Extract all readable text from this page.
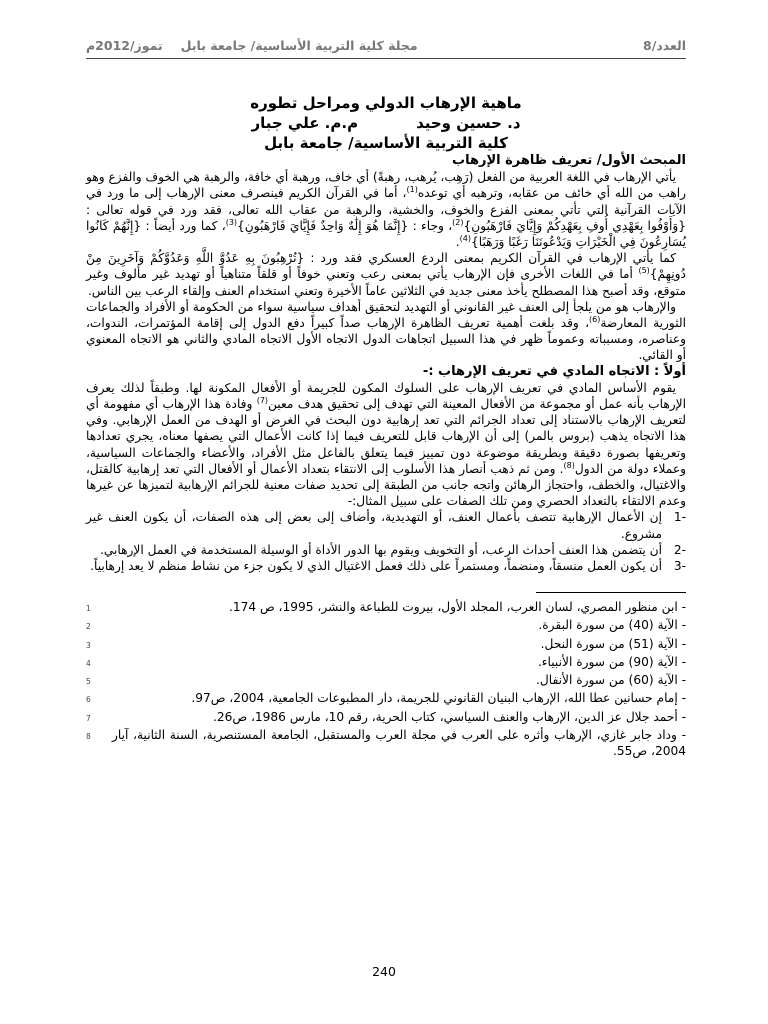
العدد/8
مجلة كلية التربية الأساسية/ جامعة بابل
تموز/2012م
ماهية الإرهاب الدولي ومراحل تطوره
د. حسين وحيد
م.م. علي جبار
كلية التربية الأساسية/ جامعة بابل
المبحث الأول/ تعريف ظاهرة الإرهاب

يأتي الإرهاب في اللغة العربية من الفعل (رَهِب، يُرهب، رهبةً) أي خاف، ورهبة أي خافة، والرهبة هي الخوف والفزع وهو راهب من الله أي خائف من عقابه، وترهبه أي توعده$^{(1)}$، أما في القرآن الكريم فينصرف معنى الإرهاب إلى ما ورد في الآيات القرآنية التي تأتي بمعنى الفزع والخوف، والخشية، والرهبة من عقاب الله تعالى، فقد ورد في قوله تعالى : {وَأَوْفُوا بِعَهْدِي أُوفِ بِعَهْدِكُمْ وَإِيَّايَ فَارْهَبُونِ}$^{(2)}$، وجاء : {إِنَّمَا هُوَ إِلَٰهٌ وَاحِدٌ فَإِيَّايَ فَارْهَبُونِ}$^{(3)}$، كما ورد أيضاً : {إِنَّهُمْ كَانُوا يُسَارِعُونَ فِي الْخَيْرَاتِ وَيَدْعُونَنَا رَغَبًا وَرَهَبًا}$^{(4)}$.

كما يأتي الإرهاب في القرآن الكريم بمعنى الردع العسكري فقد ورد : {تُرْهِبُونَ بِهِ عَدُوَّ اللَّهِ وَعَدُوَّكُمْ وَآخَرِينَ مِنْ دُونِهِمْ}$^{(5)}$ أما في اللغات الأخرى فإن الإرهاب يأتي بمعنى رعب وتعني خوفاً أو قلقاً متناهياً أو تهديد غير مألوف وغير متوقع، وقد أصبح هذا المصطلح يأخذ معنى جديد في الثلاثين عاماً الأخيرة وتعني استخدام العنف وإلقاء الرعب بين الناس.

والإرهاب هو من يلجأ إلى العنف غير القانوني أو التهديد لتحقيق أهداف سياسية سواء من الحكومة أو الأفراد والجماعات الثورية المعارضة$^{(6)}$، وقد بلغت أهمية تعريف الظاهرة الإرهاب صداً كبيراً دفع الدول إلى إقامة المؤتمرات، الندوات، وعناصره، ومسبباته وعموماً ظهر في هذا السبيل اتجاهات الدول الاتجاه الأول الاتجاه المادي والثاني هو الاتجاه المعنوي أو القائي.

أولاً : الاتجاه المادي في تعريف الإرهاب :-

يقوم الأساس المادي في تعريف الإرهاب على السلوك المكون للجريمة أو الأفعال المكونة لها. وطبقاً لذلك يعرف الإرهاب بأنه عمل أو مجموعة من الأفعال المعينة التي تهدف إلى تحقيق هدف معين$^{(7)}$ وفادة هذا الإرهاب أي مفهومة أي لتعريف الإرهاب بالاستناد إلى تعداد الجرائم التي تعد إرهابية دون البحث في الغرض أو الهدف من العمل الإرهابي. وفي هذا الاتجاه يذهب (بروس بالمر) إلى أن الإرهاب قابل للتعريف فيما إذا كانت الأعمال التي يصفها معناه، يجري تعدادها وتعريفها بصورة دقيقة وبطريقة موضوعة دون تمييز فيما يتعلق بالفاعل مثل الأفراد، والأعضاء والجماعات السياسية، وعملاء دولة من الدول$^{(8)}$. ومن ثم ذهب أنصار هذا الأسلوب إلى الانتقاء بتعداد الأعمال أو الأفعال التي تعد إرهابية كالقتل، والاغتيال، والخطف، واحتجاز الرهائن واتجه جانب من الطبقة إلى تحديد صفات معنية للجرائم الإرهابية لتميزها عن غيرها وعدم الالتقاء بالتعداد الحصري ومن تلك الصفات على سبيل المثال:-

-1
إن الأعمال الإرهابية تتصف بأعمال العنف، أو التهديدية، وأضاف إلى بعض إلى هذه الصفات، أن يكون العنف غير مشروع.
-2
أن يتضمن هذا العنف أحداث الرعب، أو التخويف ويقوم بها الدور الأداة أو الوسيلة المستخدمة في العمل الإرهابي.
-3
أن يكون العمل منسقاً، ومنضماً، ومستمراً على ذلك فعمل الاغتيال الذي لا يكون جزء من نشاط منظم لا يعد إرهابياً.
1	- ابن منظور المصري، لسان العرب، المجلد الأول، بيروت للطباعة والنشر، 1995، ص 174.
2	- الآية (40) من سورة البقرة.
3	- الآية (51) من سورة النحل.
4	- الآية (90) من سورة الأنبياء.
5	- الآية (60) من سورة الأنفال.
6	- إمام حسانين عطا الله، الإرهاب البنيان القانوني للجريمة، دار المطبوعات الجامعية، 2004، ص97.
7	- أحمد جلال عز الدين، الإرهاب والعنف السياسي، كتاب الحرية، رقم 10، مارس 1986، ص26.
8	- وداد جابر غازي، الإرهاب وأثره على العرب في مجلة العرب والمستقبل، الجامعة المستنصرية، السنة الثانية، آيار 2004، ص55.
240
